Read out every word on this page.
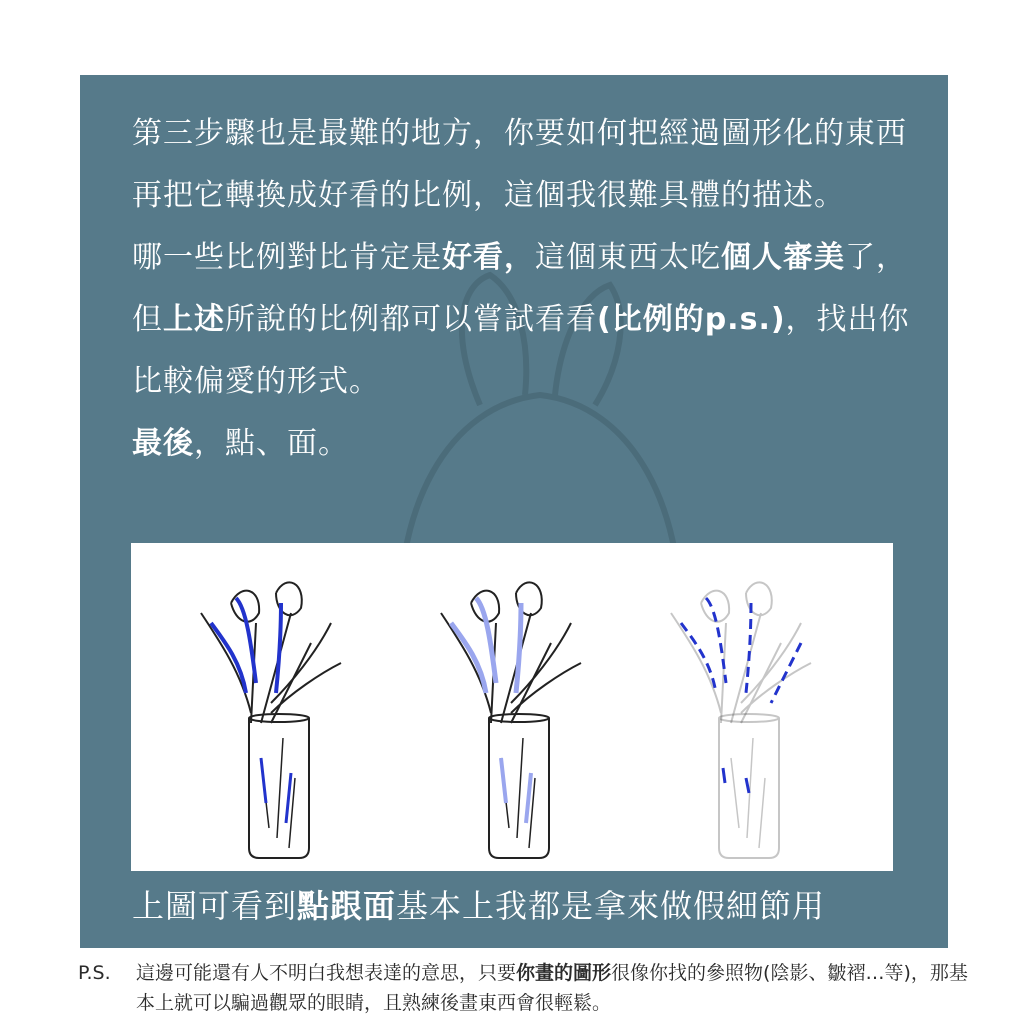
第三步驟也是最難的地方，你要如何把經過圖形化的東西再把它轉換成好看的比例，這個我很難具體的描述。

哪一些比例對比肯定是好看，這個東西太吃個人審美了，但上述所說的比例都可以嘗試看看(比例的p.s.)，找出你比較偏愛的形式。

最後，點、面。

上圖可看到點跟面基本上我都是拿來做假細節用
P.S. 這邊可能還有人不明白我想表達的意思，只要你畫的圖形很像你找的參照物(陰影、皺褶…等)，那基本上就可以騙過觀眾的眼睛，且熟練後畫東西會很輕鬆。
